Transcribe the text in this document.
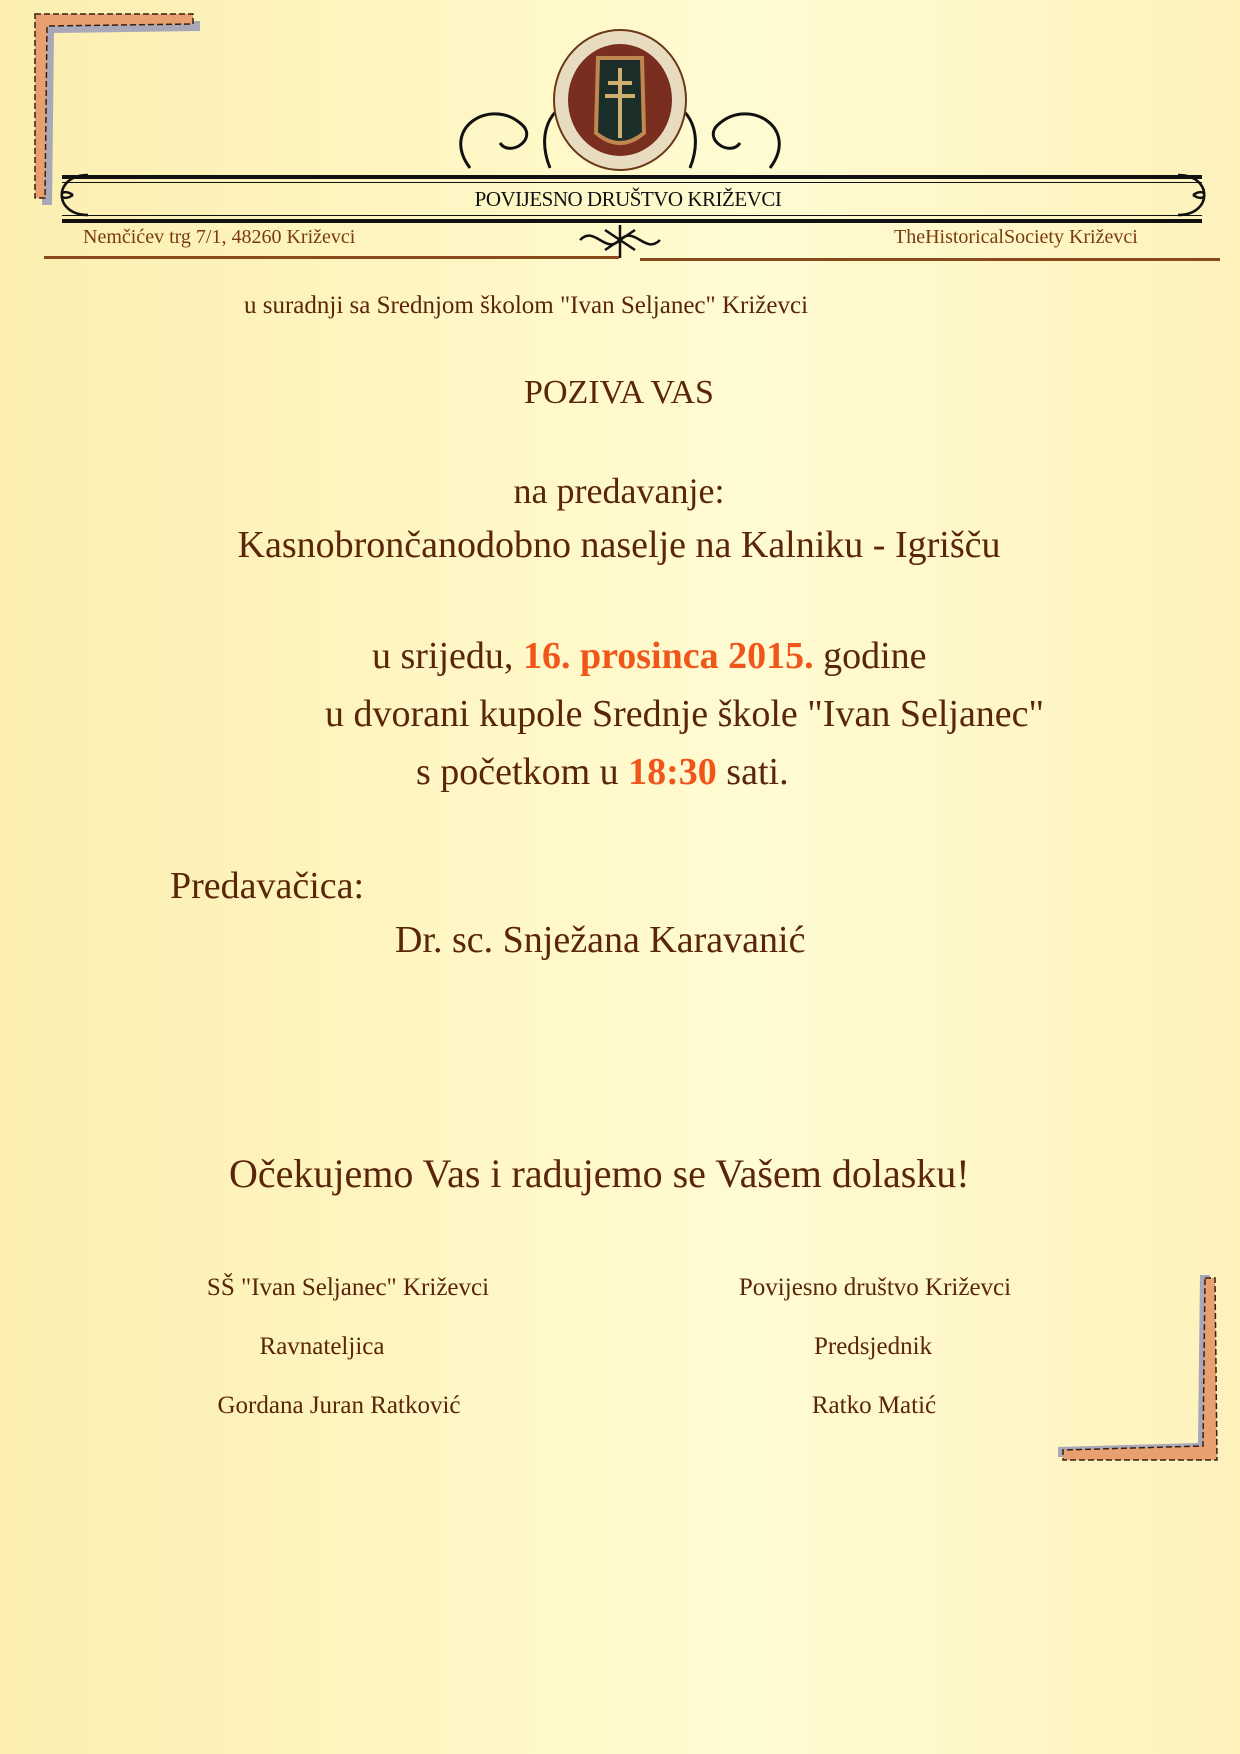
POVIJESNO DRUŠTVO KRIŽEVCI
Nemčićev trg 7/1, 48260 Križevci	TheHistoricalSociety Križevci
u suradnji sa Srednjom školom "Ivan Seljanec" Križevci
POZIVA VAS
na predavanje:
Kasnobrončanodobno naselje na Kalniku - Igrišču
u srijedu, 16. prosinca 2015. godine
u dvorani kupole Srednje škole "Ivan Seljanec"
s početkom u 18:30 sati.
Predavačica:
Dr. sc. Snježana Karavanić
Očekujemo Vas i radujemo se Vašem dolasku!
SŠ "Ivan Seljanec" Križevci
Ravnateljica
Gordana Juran Ratković
Povijesno društvo Križevci
Predsjednik
Ratko Matić
